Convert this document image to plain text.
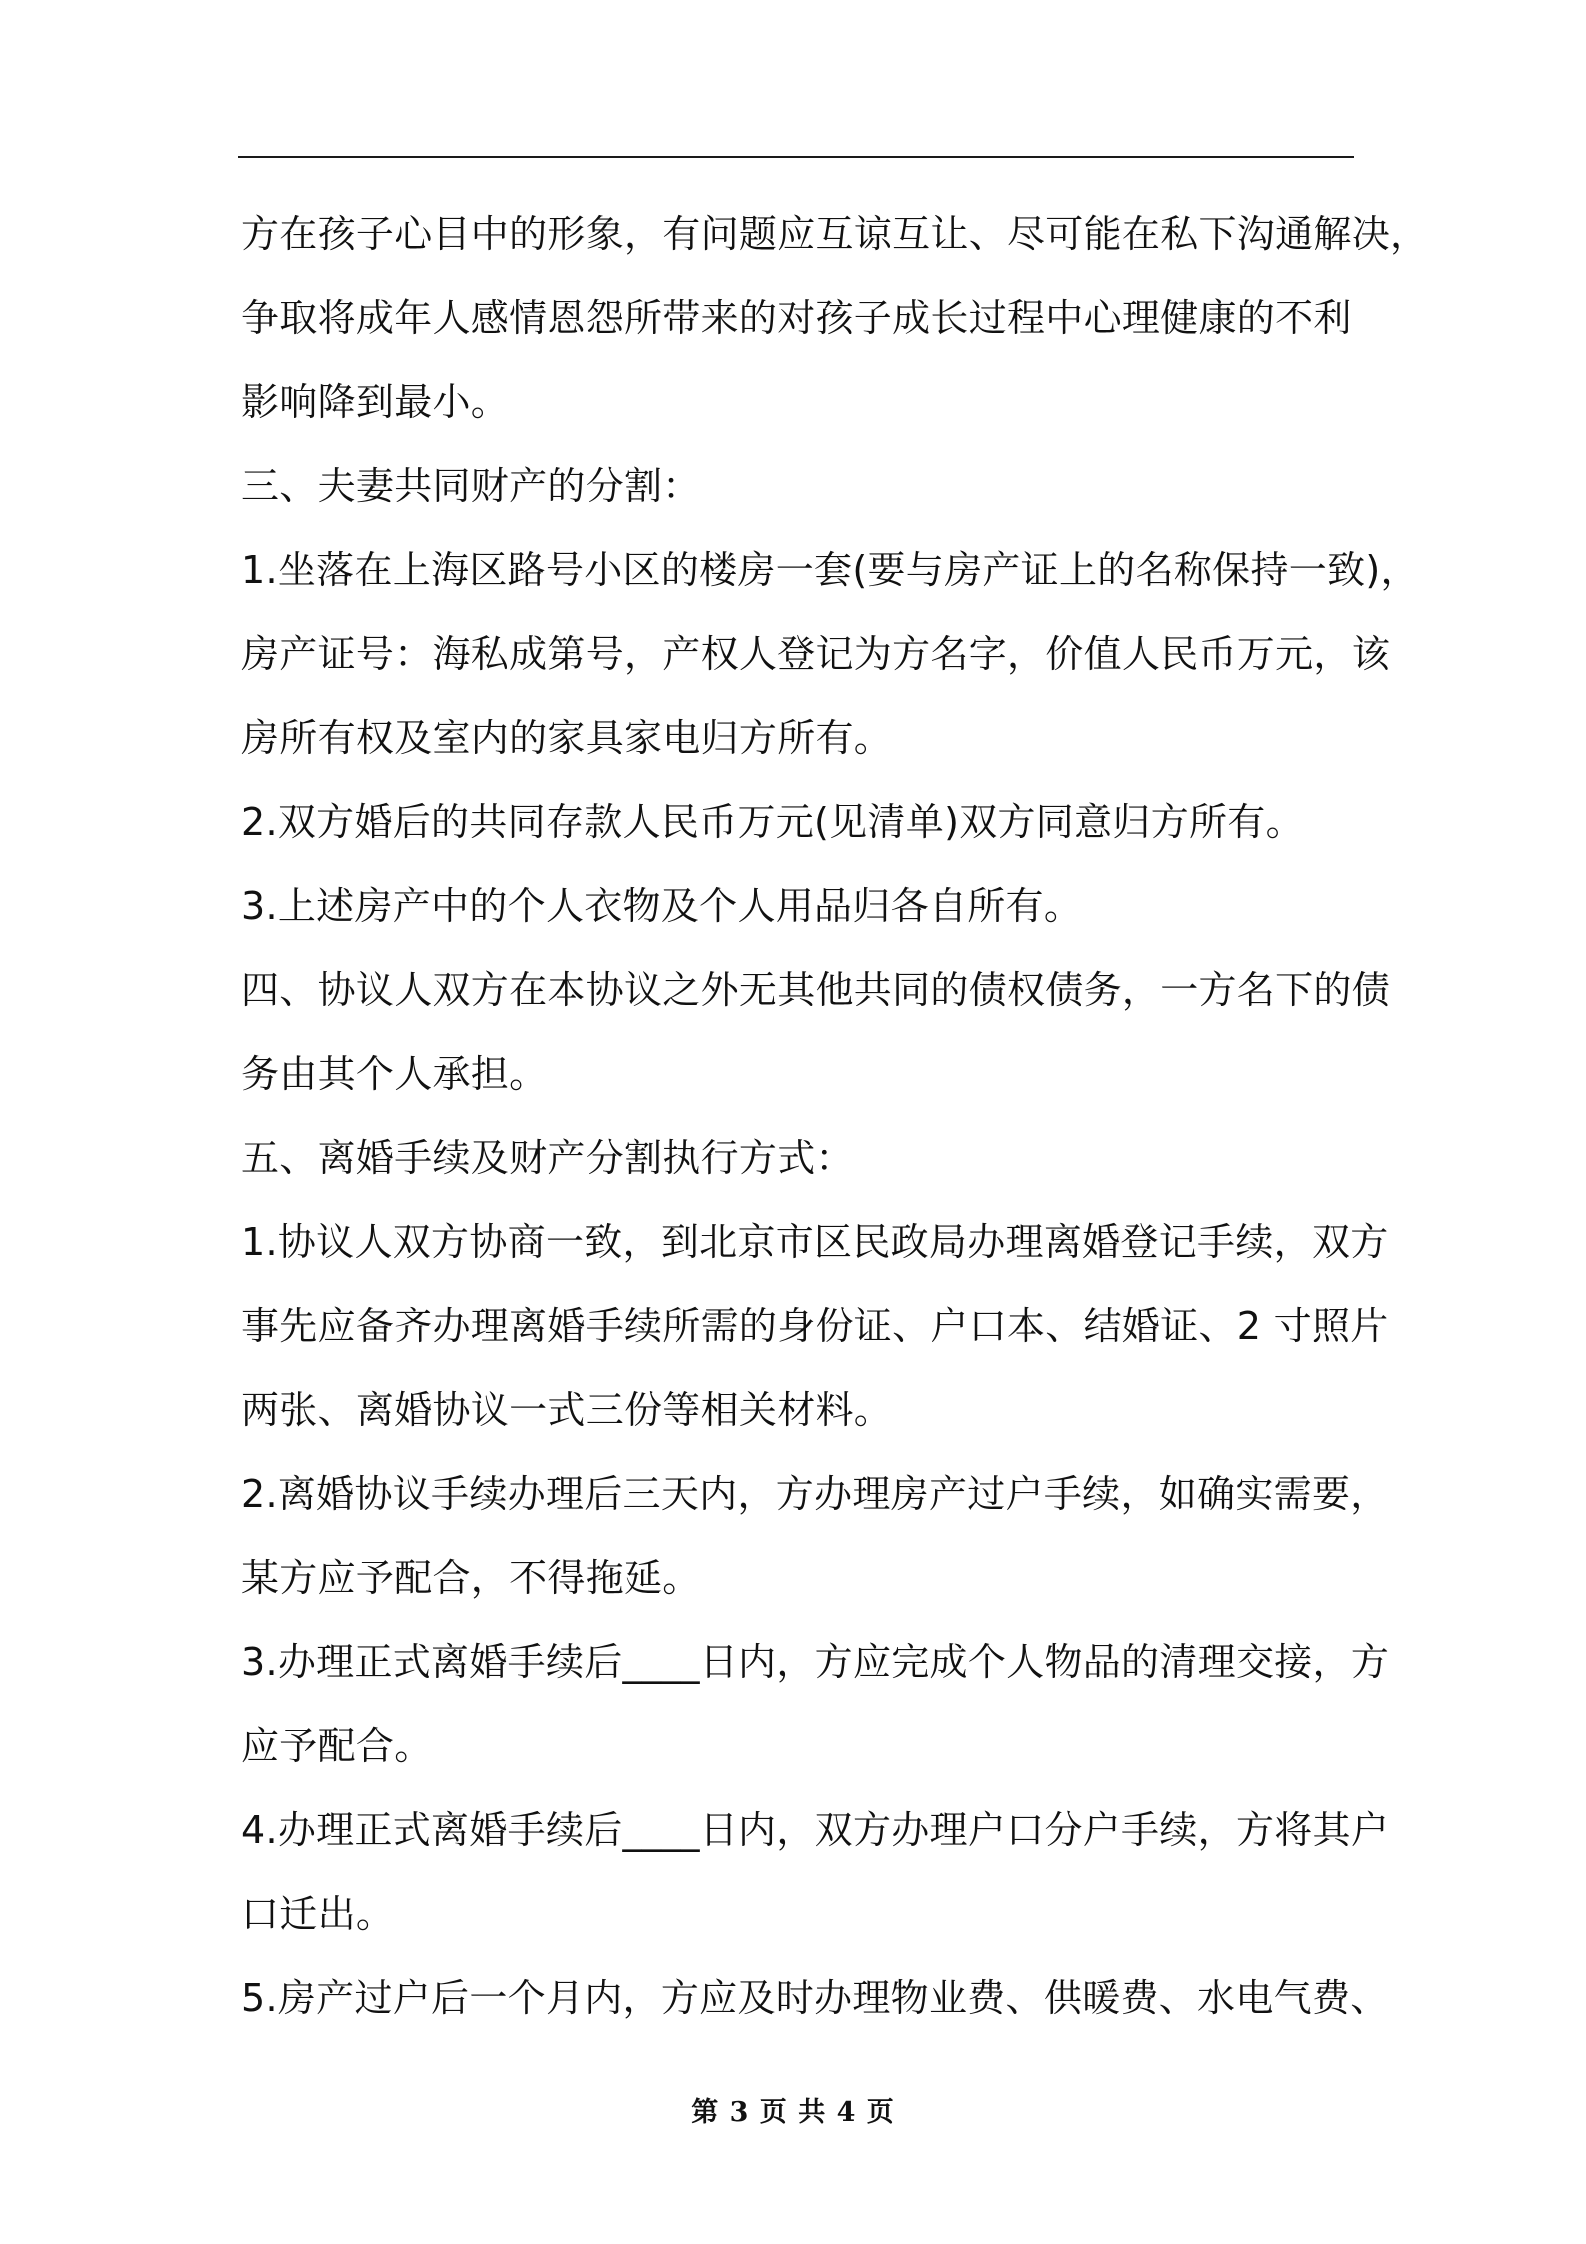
方在孩子心目中的形象，有问题应互谅互让、尽可能在私下沟通解决，
争取将成年人感情恩怨所带来的对孩子成长过程中心理健康的不利
影响降到最小。
三、夫妻共同财产的分割：
1.坐落在上海区路号小区的楼房一套(要与房产证上的名称保持一致)，
房产证号：海私成第号，产权人登记为方名字，价值人民币万元，该
房所有权及室内的家具家电归方所有。
2.双方婚后的共同存款人民币万元(见清单)双方同意归方所有。
3.上述房产中的个人衣物及个人用品归各自所有。
四、协议人双方在本协议之外无其他共同的债权债务，一方名下的债
务由其个人承担。
五、离婚手续及财产分割执行方式：
1.协议人双方协商一致，到北京市区民政局办理离婚登记手续，双方
事先应备齐办理离婚手续所需的身份证、户口本、结婚证、2 寸照片
两张、离婚协议一式三份等相关材料。
2.离婚协议手续办理后三天内，方办理房产过户手续，如确实需要，
某方应予配合，不得拖延。
3.办理正式离婚手续后____日内，方应完成个人物品的清理交接，方
应予配合。
4.办理正式离婚手续后____日内，双方办理户口分户手续，方将其户
口迁出。
5.房产过户后一个月内，方应及时办理物业费、供暖费、水电气费、
第 3 页 共 4 页
